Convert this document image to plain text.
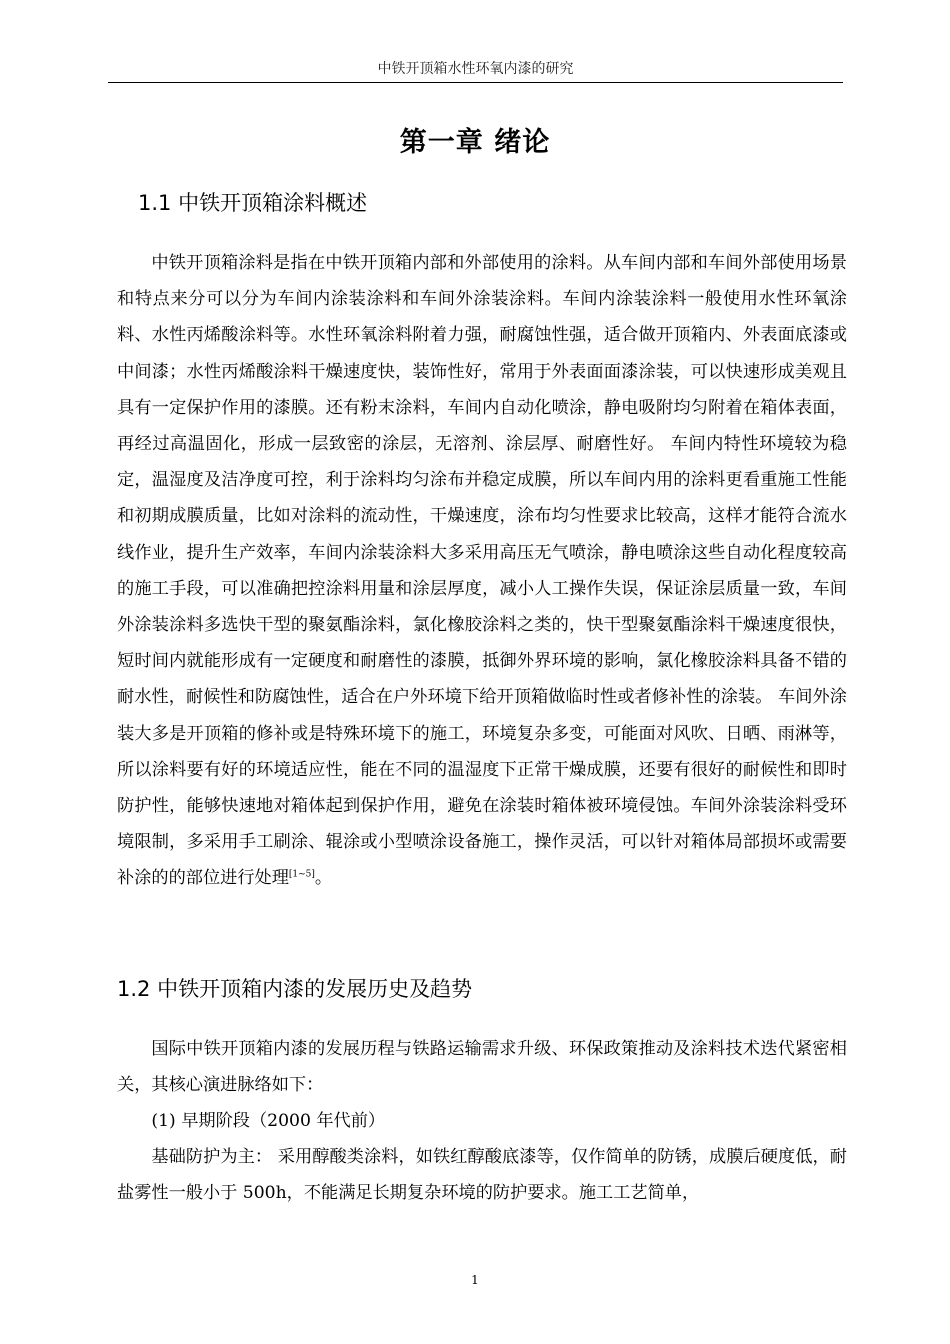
中铁开顶箱水性环氧内漆的研究
第一章 绪论
1.1 中铁开顶箱涂料概述

中铁开顶箱涂料是指在中铁开顶箱内部和外部使用的涂料。从车间内部和车间外部使用场景和特点来分可以分为车间内涂装涂料和车间外涂装涂料。车间内涂装涂料一般使用水性环氧涂料、水性丙烯酸涂料等。水性环氧涂料附着力强，耐腐蚀性强，适合做开顶箱内、外表面底漆或中间漆；水性丙烯酸涂料干燥速度快，装饰性好，常用于外表面面漆涂装，可以快速形成美观且具有一定保护作用的漆膜。还有粉末涂料，车间内自动化喷涂，静电吸附均匀附着在箱体表面，再经过高温固化，形成一层致密的涂层，无溶剂、涂层厚、耐磨性好。 车间内特性环境较为稳定，温湿度及洁净度可控，利于涂料均匀涂布并稳定成膜，所以车间内用的涂料更看重施工性能和初期成膜质量，比如对涂料的流动性，干燥速度，涂布均匀性要求比较高，这样才能符合流水线作业，提升生产效率，车间内涂装涂料大多采用高压无气喷涂，静电喷涂这些自动化程度较高的施工手段，可以准确把控涂料用量和涂层厚度，减小人工操作失误，保证涂层质量一致，车间外涂装涂料多选快干型的聚氨酯涂料，氯化橡胶涂料之类的，快干型聚氨酯涂料干燥速度很快，短时间内就能形成有一定硬度和耐磨性的漆膜，抵御外界环境的影响，氯化橡胶涂料具备不错的耐水性，耐候性和防腐蚀性，适合在户外环境下给开顶箱做临时性或者修补性的涂装。 车间外涂装大多是开顶箱的修补或是特殊环境下的施工，环境复杂多变，可能面对风吹、日晒、雨淋等，所以涂料要有好的环境适应性，能在不同的温湿度下正常干燥成膜，还要有很好的耐候性和即时防护性，能够快速地对箱体起到保护作用，避免在涂装时箱体被环境侵蚀。车间外涂装涂料受环境限制，多采用手工刷涂、辊涂或小型喷涂设备施工，操作灵活，可以针对箱体局部损坏或需要补涂的的部位进行处理[1~5]。

1.2 中铁开顶箱内漆的发展历史及趋势

国际中铁开顶箱内漆的发展历程与铁路运输需求升级、环保政策推动及涂料技术迭代紧密相关，其核心演进脉络如下：

(1) 早期阶段（2000 年代前）

基础防护为主： 采用醇酸类涂料，如铁红醇酸底漆等，仅作简单的防锈，成膜后硬度低，耐盐雾性一般小于 500h，不能满足长期复杂环境的防护要求。施工工艺简单，

1
